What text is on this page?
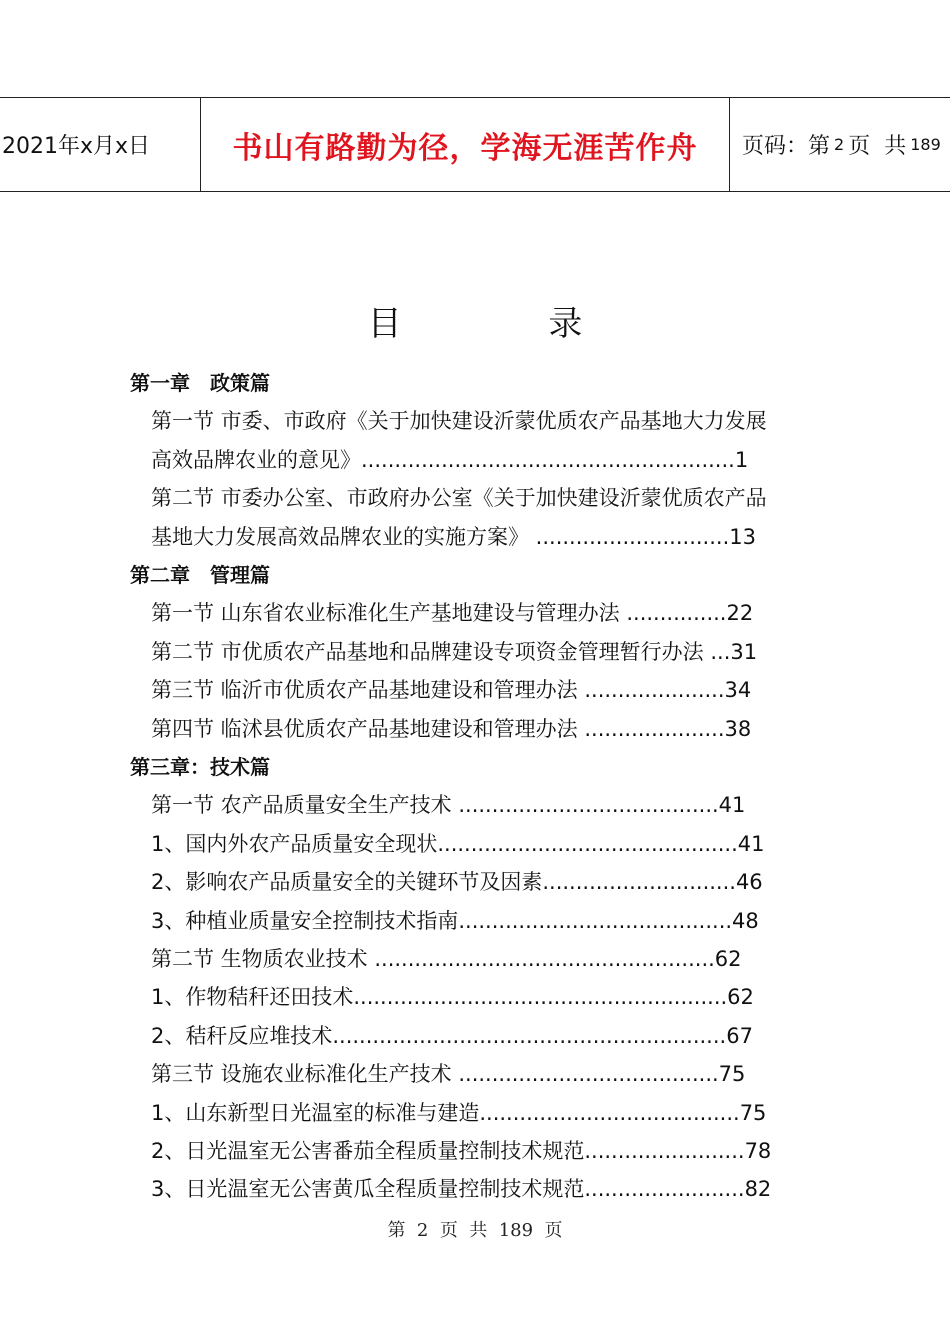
2021年x月x日	书山有路勤为径，学海无涯苦作舟	页码：第 2 页  共 189
目	录
第一章　政策篇
第一节 市委、市政府《关于加快建设沂蒙优质农产品基地大力发展
高效品牌农业的意见》........................................................1
第二节 市委办公室、市政府办公室《关于加快建设沂蒙优质农产品
基地大力发展高效品牌农业的实施方案》 .............................13
第二章　管理篇
第一节 山东省农业标准化生产基地建设与管理办法 ...............22
第二节 市优质农产品基地和品牌建设专项资金管理暂行办法 ...31
第三节 临沂市优质农产品基地建设和管理办法 .....................34
第四节 临沭县优质农产品基地建设和管理办法 .....................38
第三章：技术篇
第一节 农产品质量安全生产技术 .......................................41
1、国内外农产品质量安全现状.............................................41
2、影响农产品质量安全的关键环节及因素.............................46
3、种植业质量安全控制技术指南.........................................48
第二节 生物质农业技术 ...................................................62
1、作物秸秆还田技术........................................................62
2、秸秆反应堆技术...........................................................67
第三节 设施农业标准化生产技术 .......................................75
1、山东新型日光温室的标准与建造.......................................75
2、日光温室无公害番茄全程质量控制技术规范........................78
3、日光温室无公害黄瓜全程质量控制技术规范........................82
第  2  页  共  189  页
